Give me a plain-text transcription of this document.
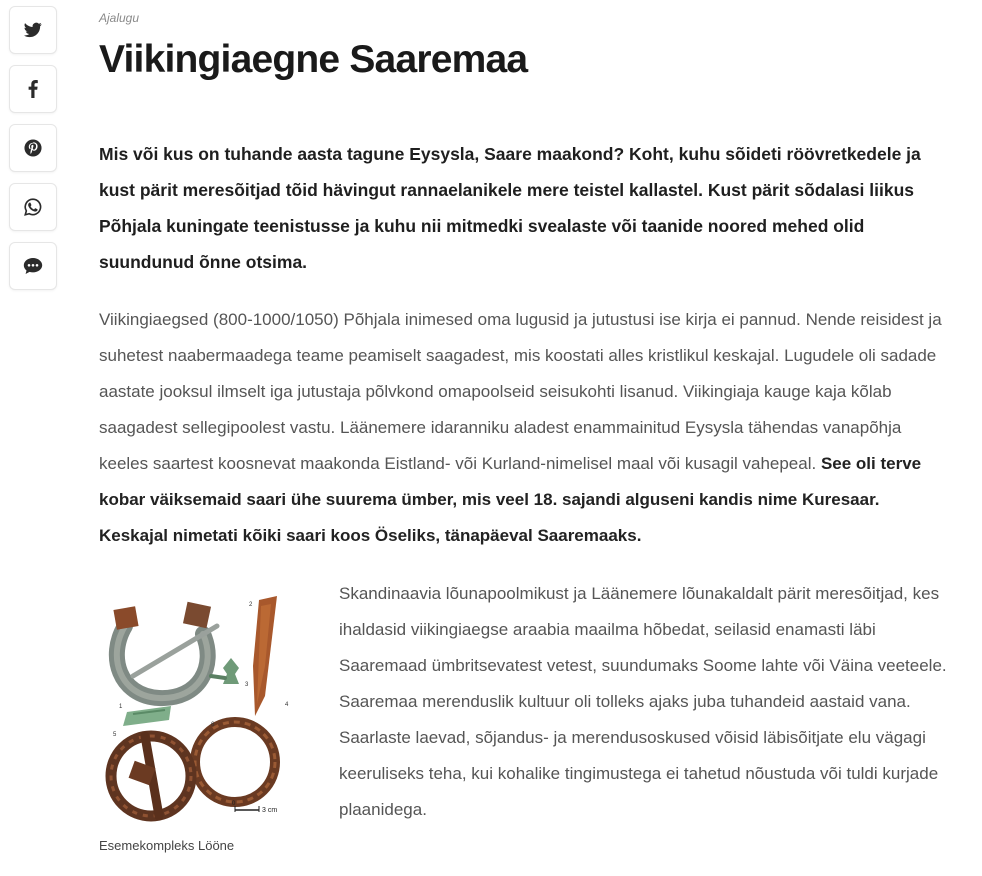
Ajalugu
Viikingiaegne Saaremaa

Mis või kus on tuhande aasta tagune Eysysla, Saare maakond? Koht, kuhu sõideti röövretkedele ja kust pärit meresõitjad tõid hävingut rannaelanikele mere teistel kallastel. Kust pärit sõdalasi liikus Põhjala kuningate teenistusse ja kuhu nii mitmedki svealaste või taanide noored mehed olid suundunud õnne otsima.

Viikingiaegsed (800-1000/1050) Põhjala inimesed oma lugusid ja jutustusi ise kirja ei pannud. Nende reisidest ja suhetest naabermaadega teame peamiselt saagadest, mis koostati alles kristlikul keskajal. Lugudele oli sadade aastate jooksul ilmselt iga jutustaja põlvkond omapoolseid seisukohti lisanud. Viikingiaja kauge kaja kõlab saagadest sellegipoolest vastu. Läänemere idaranniku aladest enammainitud Eysysla tähendas vanapõhja keeles saartest koosnevat maakonda Eistland- või Kurland-nimelisel maal või kusagil vahepeal. See oli terve kobar väiksemaid saari ühe suurema ümber, mis veel 18. sajandi alguseni kandis nime Kuresaar. Keskajal nimetati kõiki saari koos Öseliks, tänapäeval Saaremaaks.

1
2
3
4
5
6
0
3 cm
Esemekompleks Lööne

Skandinaavia lõunapoolmikust ja Läänemere lõunakaldalt pärit meresõitjad, kes ihaldasid viikingiaegse araabia maailma hõbedat, seilasid enamasti läbi Saaremaad ümbritsevatest vetest, suundumaks Soome lahte või Väina veeteele. Saaremaa merenduslik kultuur oli tolleks ajaks juba tuhandeid aastaid vana. Saarlaste laevad, sõjandus- ja merendusoskused võisid läbisõitjate elu vägagi keeruliseks teha, kui kohalike tingimustega ei tahetud nõustuda või tuldi kurjade plaanidega.
